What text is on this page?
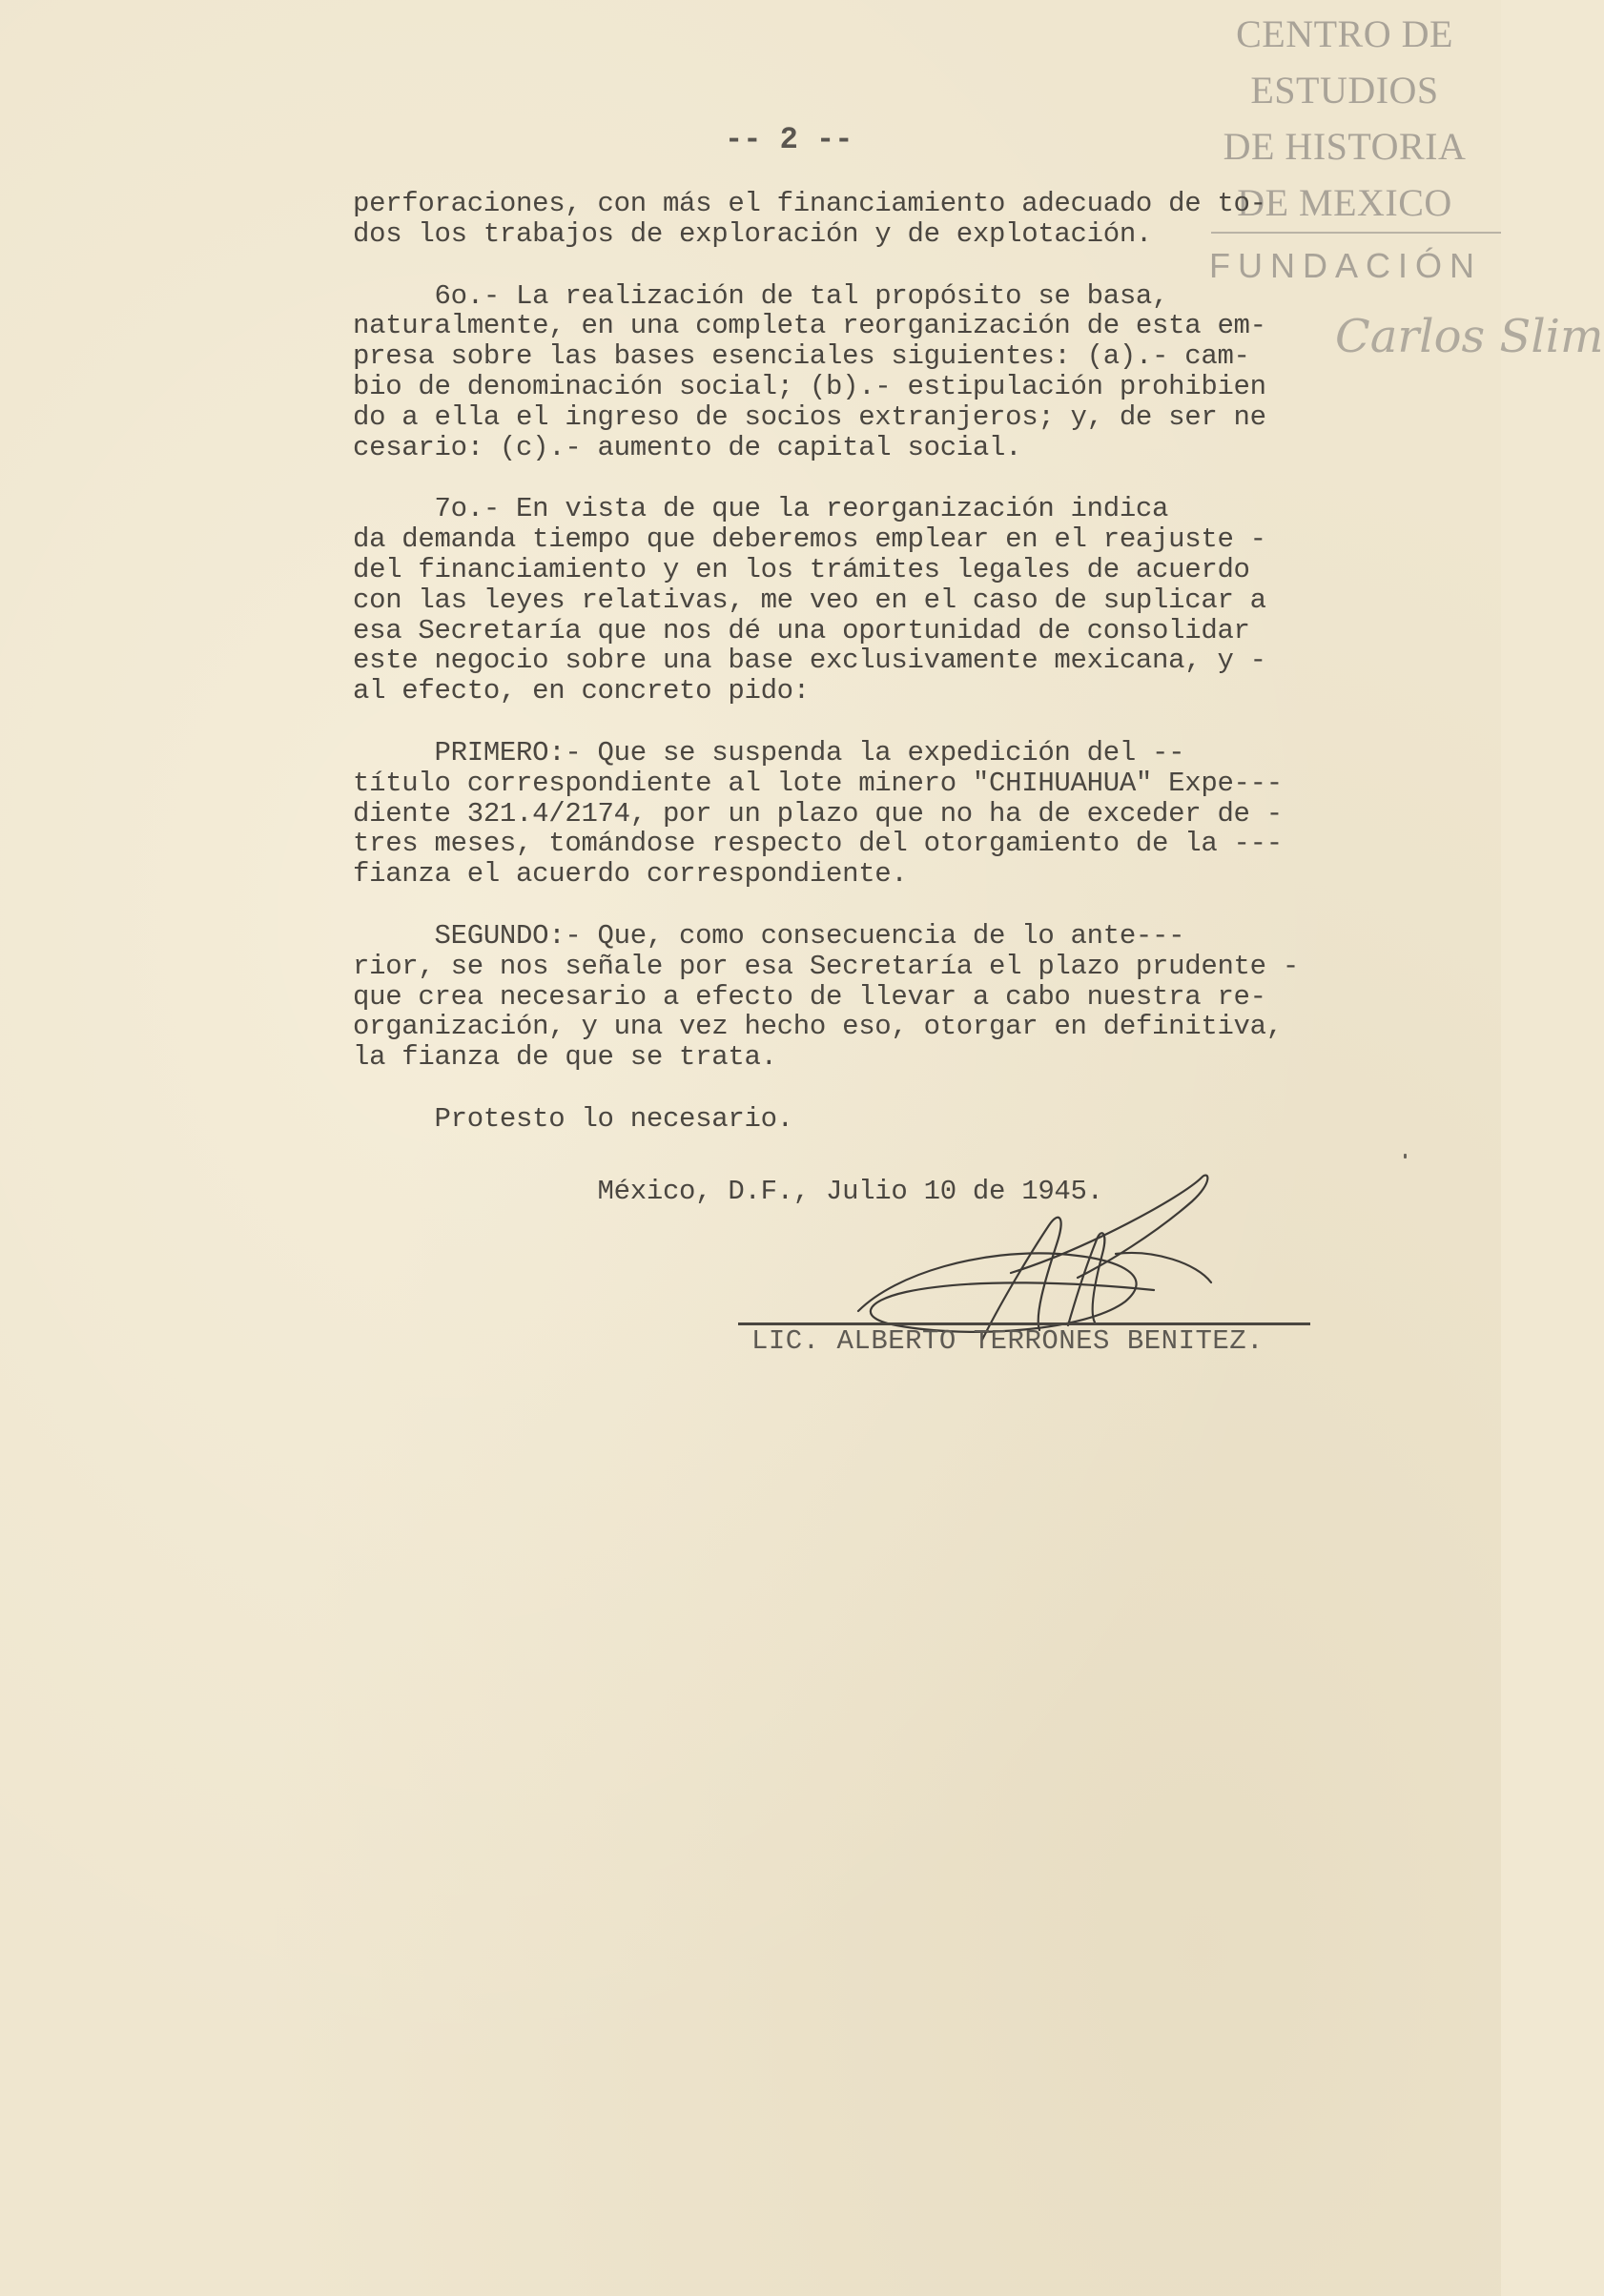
CENTRO DE
ESTUDIOS
DE HISTORIA
DE MEXICO
FUNDACIÓN
Carlos Slim
-- 2 --
perforaciones, con más el financiamiento adecuado de to-
dos los trabajos de exploración y de explotación.
6o.- La realización de tal propósito se basa,
naturalmente, en una completa reorganización de esta em-
presa sobre las bases esenciales siguientes: (a).- cam-
bio de denominación social; (b).- estipulación prohibien
do a ella el ingreso de socios extranjeros; y, de ser ne
cesario: (c).- aumento de capital social.
7o.- En vista de que la reorganización indica
da demanda tiempo que deberemos emplear en el reajuste -
del financiamiento y en los trámites legales de acuerdo
con las leyes relativas, me veo en el caso de suplicar a
esa Secretaría que nos dé una oportunidad de consolidar
este negocio sobre una base exclusivamente mexicana, y -
al efecto, en concreto pido:
PRIMERO:- Que se suspenda la expedición del --
título correspondiente al lote minero "CHIHUAHUA" Expe---
diente 321.4/2174, por un plazo que no ha de exceder de -
tres meses, tomándose respecto del otorgamiento de la ---
fianza el acuerdo correspondiente.
SEGUNDO:- Que, como consecuencia de lo ante---
rior, se nos señale por esa Secretaría el plazo prudente -
que crea necesario a efecto de llevar a cabo nuestra re-
organización, y una vez hecho eso, otorgar en definitiva,
la fianza de que se trata.
Protesto lo necesario.
México, D.F., Julio 10 de 1945.
LIC. ALBERTO TERRONES BENITEZ.
